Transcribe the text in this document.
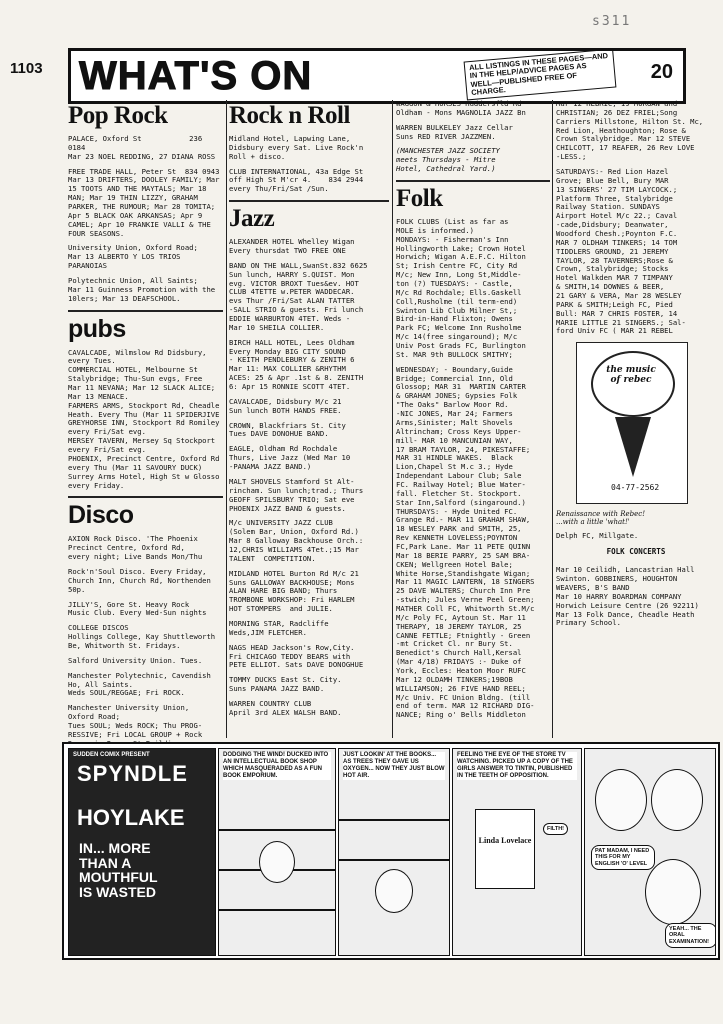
s311
1103 WHAT'S ON	ALL LISTINGS IN THESE PAGES—AND IN THE HELP/ADVICE PAGES AS WELL—PUBLISHED FREE OF CHARGE.
20
Pop Rock

PALACE, Oxford St           236 0184
Mar 23 NOEL REDDING, 27 DIANA ROSS

FREE TRADE HALL, Peter St  834 0943
Mar 13 DRIFTERS, DOOLEY FAMILY; Mar
15 TOOTS AND THE MAYTALS; Mar 18
MAN; Mar 19 THIN LIZZY, GRAHAM
PARKER, THE RUMOUR; Mar 28 TOMITA;
Apr 5 BLACK OAK ARKANSAS; Apr 9
CAMEL; Apr 10 FRANKIE VALLI & THE
FOUR SEASONS.

University Union, Oxford Road;
Mar 13 ALBERTO Y LOS TRIOS PARANOIAS

Polytechnic Union, All Saints;
Mar 11 Guinness Promotion with the
10lers; Mar 13 DEAFSCHOOL.

pubs

CAVALCADE, Wilmslow Rd Didsbury,
every Tues.
COMMERCIAL HOTEL, Melbourne St
Stalybridge; Thu-Sun evgs, Free
Mar 11 NEVANA; Mar 12 SLACK ALICE;
Mar 13 MENACE.
FARMERS ARMS, Stockport Rd, Cheadle
Heath. Every Thu (Mar 11 SPIDERJIVE
GREYHORSE INN, Stockport Rd Romiley
every Fri/Sat evg.
MERSEY TAVERN, Mersey Sq Stockport
every Fri/Sat evg.
PHOENIX, Precinct Centre, Oxford Rd
every Thu (Mar 11 SAVOURY DUCK)
Surrey Arms Hotel, High St w Glosso
every Friday.

Disco

AXION Rock Disco. 'The Phoenix
Precinct Centre, Oxford Rd,
every night; Live Bands Mon/Thu

Rock'n'Soul Disco. Every Friday,
Church Inn, Church Rd, Northenden
50p.

JILLY'S, Gore St. Heavy Rock
Music Club. Every Wed-Sun nights

COLLEGE DISCOS
Hollings College, Kay Shuttleworth
Be, Whitworth St. Fridays.

Salford University Union. Tues.

Manchester Polytechnic, Cavendish
Ho, All Saints.
Weds SOUL/REGGAE; Fri ROCK.

Manchester University Union,
Oxford Road;
Tues SOUL; Weds ROCK; Thu PROG-
RESSIVE; Fri LOCAL GROUP + Rock

Rock n Roll

Midland Hotel, Lapwing Lane,
Didsbury every Sat. Live Rock'n
Roll + disco.

CLUB INTERNATIONAL, 43a Edge St
off High St M'cr 4.    834 2944
every Thu/Fri/Sat /Sun.

Jazz

ALEXANDER HOTEL Whelley Wigan
Every thursdat TWO FREE ONE

BAND ON THE WALL,SwanSt.832 6625
Sun lunch, HARRY S.QUIST. Mon
evg. VICTOR BROXT Tues&ev. HOT
CLUB 4TETTE w.PETER WADDECAR.
evs Thur /Fri/Sat ALAN TATTER
-SALL STRIO & guests. Fri lunch
EDDIE WARBURTON 4TET. Weds -
Mar 10 SHEILA COLLIER.

BIRCH HALL HOTEL, Lees Oldham
Every Monday BIG CITY SOUND
- KEITH PENDLEBURY & ZENITH 6
Mar 11: MAX COLLIER &RHYTHM
ACES: 25 & Apr .1st & 8. ZENITH
6: Apr 15 RONNIE SCOTT 4TET.

CAVALCADE, Didsbury M/c 21
Sun lunch BOTH HANDS FREE.

CROWN, Blackfriars St. City
Tues DAVE DONOHUE BAND.

EAGLE, Oldham Rd Rochdale
Thurs, Live Jazz (Wed Mar 10
-PANAMA JAZZ BAND.)

MALT SHOVELS Stamford St Alt-
rincham. Sun lunch;trad.; Thurs
GEOFF SPILSBURY TRIO; Sat eve
PHOENIX JAZZ BAND & guests.

M/c UNIVERSITY JAZZ CLUB
(Solem Bar, Union, Oxford Rd.)
Mar 8 Galloway Backhouse Orch.:
12,CHRIS WILLIAMS 4Tet.;15 Mar
TALENT  COMPETITION.

MIDLAND HOTEL Burton Rd M/c 21
Suns GALLOWAY BACKHOUSE; Mons
ALAN HARE BIG BAND; Thurs
TROMBONE WORKSHOP: Fri HARLEM
HOT STOMPERS  and JULIE.

MORNING STAR, Radcliffe
Weds,JIM FLETCHER.

NAGS HEAD Jackson's Row,City.
Fri CHICAGO TEDDY BEARS with
PETE ELLIOT. Sats DAVE DONOGHUE

TOMMY DUCKS East St. City.
Suns PANAMA JAZZ BAND.

WARREN COUNTRY CLUB
April 3rd ALEX WALSH BAND.

WAGGON & HORSES Huddersfld Rd
Oldham - Mons MAGNOLIA JAZZ Bn

WARREN BULKELEY Jazz Cellar
Suns RED RIVER JAZZMEN.

(MANCHESTER JAZZ SOCIETY
meets Thursdays - Mitre
Hotel, Cathedral Yard.)

Folk

FOLK CLUBS (List as far as
MOLE is informed.)
MONDAYS: - Fisherman's Inn
Hollingworth Lake; Crown Hotel
Horwich; Wigan A.E.F.C. Hilton
St; Irish Centre FC, City Rd
M/c; New Inn, Long St,Middle-
ton (?) TUESDAYS: - Castle,
M/c Rd Rochdale; Ells.Gaskell
Coll,Rusholme (til term-end)
Swinton Lib Club Milner St,;
Bird-in-Hand Flixton; Owens
Park FC; Welcome Inn Rusholme
M/c 14(free singaround); M/c
Univ Post Grads FC, Burlington
St. MAR 9th BULLOCK SMITHY;

WEDNESDAY; - Boundary,Guide
Bridge; Commercial Inn, Old
Glossop; MAR 31  MARTIN CARTER
& GRAHAM JONES; Gypsies Folk
"The Oaks" Barlow Moor Rd.
-NIC JONES, Mar 24; Farmers
Arms,Sinister; Malt Shovels
Altrincham; Cross Keys Upper-
mill- MAR 10 MANCUNIAN WAY,
17 BRAM TAYLOR, 24, PIKESTAFFE;
MAR 31 HINDLE WAKES.  Black
Lion,Chapel St M.c 3.; Hyde
Independant Labour Club; Sale
FC. Railway Hotel; Blue Water-
fall. Fletcher St. Stockport.
Star Inn,Salford (singaround.)
THURSDAYS: - Hyde United FC.
Grange Rd.- MAR 11 GRAHAM SHAW,
18 WESLEY PARK and SMITH, 25,
Rev KENNETH LOVELESS;POYNTON
FC,Park Lane. Mar 11 PETE QUINN
Mar 18 BERIE PARRY, 25 SAM BRA-
CKEN; Wellgreen Hotel Bale;
White Horse,Standishgate Wigan;
Mar 11 MAGIC LANTERN, 18 SINGERS
25 DAVE WALTERS; Church Inn Pre
-stwich; Jules Verne Peel Green;
MATHER Coll FC, Whitworth St.M/c
M/c Poly FC, Aytoun St. Mar 11
THERAPY, 18 JEREMY TAYLOR, 25
CANNE FETTLE; Ftnightly - Green
-mt Cricket Cl. nr Bury St.
Benedict's Church Hall,Kersal
(Mar 4/18) FRIDAYS :- Duke of
York, Eccles: Heaton Moor RUFC
Mar 12 OLDAMH TINKERS;19BOB
WILLIAMSON; 26 FIVE HAND REEL;
M/c Univ. FC Union Bldng. (till
end of term. MAR 12 RICHARD DIG-
NANCE; Ring o' Bells Middleton

Mar 12 HEBRIC, 19 MORGAN and
CHRISTIAN; 26 DEZ FRIEL;Song
Carriers Millstone, Hilton St. Mc,
Red Lion, Heathoughton; Rose &
Crown Stalybridge. Mar 12 STEVE
CHILCOTT, 17 REAFER, 26 Rev LOVE
-LESS.;

SATURDAYS:- Red Lion Hazel
Grove; Blue Bell, Bury MAR
13 SINGERS' 27 TIM LAYCOCK.;
Platform Three, Stalybridge
Railway Station. SUNDAYS
Airport Hotel M/c 22.; Caval
-cade,Didsbury; Deanwater,
Woodford Chesh.;Poynton F.C.
MAR 7 OLDHAM TINKERS; 14 TOM
TIDDLERS GROUND, 21 JEREMY
TAYLOR, 28 TAVERNERS;Rose &
Crown, Stalybridge; Stocks
Hotel Walkden MAR 7 TIMPANY
& SMITH,14 DOWNES & BEER,
21 GARY & VERA, Mar 28 WESLEY
PARK & SMITH;Leigh FC, Pied
Bull: MAR 7 CHRIS FOSTER, 14
MARIE LITTLE 21 SINGERS.; Sal-
ford Univ FC ( MAR 21 REBEL

the music of rebec
04-77-2562

Renaissance with Rebec!
...with a little 'what!'

Delph FC, Millgate.

FOLK CONCERTS

Mar 10 Ceilidh, Lancastrian Hall
Swinton. GOBBINERS, HOUGHTON
WEAVERS, B'S BAND
Mar 10 HARRY BOARDMAN COMPANY
Horwich Leisure Centre (26 92211)
Mar 13 Folk Dance, Cheadle Heath
Primary School.

SUDDEN COMIX PRESENT
SPYNDLE
HOYLAKE
IN... MORE
THAN A
MOUTHFUL
IS WASTED
DODGING THE WIND! DUCKED INTO AN INTELLECTUAL BOOK SHOP WHICH MASQUERADED AS A FUN BOOK EMPORIUM.
JUST LOOKIN' AT THE BOOKS... AS TREES THEY GAVE US OXYGEN... NOW THEY JUST BLOW HOT AIR.
FEELING THE EYE OF THE STORE TV WATCHING. PICKED UP A COPY OF THE GIRLS ANSWER TO TINTIN, PUBLISHED IN THE TEETH OF OPPOSITION.
Linda Lovelace
FILTH!
PAT MADAM, I NEED THIS FOR MY ENGLISH 'O' LEVEL
YEAH... THE ORAL EXAMINATION!
